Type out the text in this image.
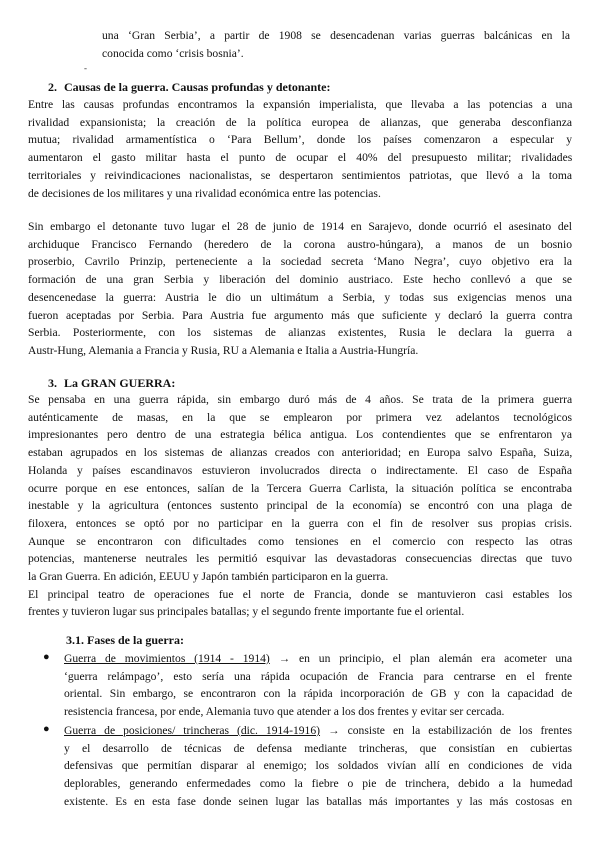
una ‘Gran Serbia’, a partir de 1908 se desencadenan varias guerras balcánicas en la
conocida como ‘crisis bosnia’.
-
2. Causas de la guerra. Causas profundas y detonante:
Entre las causas profundas encontramos la expansión imperialista, que llevaba a las potencias a una
rivalidad expansionista; la creación de la política europea de alianzas, que generaba desconfianza
mutua; rivalidad armamentística o ‘Para Bellum’, donde los países comenzaron a especular y
aumentaron el gasto militar hasta el punto de ocupar el 40% del presupuesto militar; rivalidades
territoriales y reivindicaciones nacionalistas, se despertaron sentimientos patriotas, que llevó a la toma
de decisiones de los militares y una rivalidad económica entre las potencias.
Sin embargo el detonante tuvo lugar el 28 de junio de 1914 en Sarajevo, donde ocurrió el asesinato del
archiduque Francisco Fernando (heredero de la corona austro-húngara), a manos de un bosnio
proserbio, Cavrilo Prinzip, perteneciente a la sociedad secreta ‘Mano Negra’, cuyo objetivo era la
formación de una gran Serbia y liberación del dominio austriaco. Este hecho conllevó a que se
desencenedase la guerra: Austria le dio un ultimátum a Serbia, y todas sus exigencias menos una
fueron aceptadas por Serbia. Para Austria fue argumento más que suficiente y declaró la guerra contra
Serbia. Posteriormente, con los sistemas de alianzas existentes, Rusia le declara la guerra a
Austr-Hung, Alemania a Francia y Rusia, RU a Alemania e Italia a Austria-Hungría.
3. La GRAN GUERRA:
Se pensaba en una guerra rápida, sin embargo duró más de 4 años. Se trata de la primera guerra
auténticamente de masas, en la que se emplearon por primera vez adelantos tecnológicos
impresionantes pero dentro de una estrategia bélica antigua. Los contendientes que se enfrentaron ya
estaban agrupados en los sistemas de alianzas creados con anterioridad; en Europa salvo España, Suiza,
Holanda y países escandinavos estuvieron involucrados directa o indirectamente. El caso de España
ocurre porque en ese entonces, salían de la Tercera Guerra Carlista, la situación política se encontraba
inestable y la agricultura (entonces sustento principal de la economía) se encontró con una plaga de
filoxera, entonces se optó por no participar en la guerra con el fin de resolver sus propias crisis.
Aunque se encontraron con dificultades como tensiones en el comercio con respecto las otras
potencias, mantenerse neutrales les permitió esquivar las devastadoras consecuencias directas que tuvo
la Gran Guerra. En adición, EEUU y Japón también participaron en la guerra.
El principal teatro de operaciones fue el norte de Francia, donde se mantuvieron casi estables los
frentes y tuvieron lugar sus principales batallas; y el segundo frente importante fue el oriental.
3.1. Fases de la guerra:
● Guerra de movimientos (1914 - 1914) → en un principio, el plan alemán era acometer una
‘guerra relámpago’, esto sería una rápida ocupación de Francia para centrarse en el frente
oriental. Sin embargo, se encontraron con la rápida incorporación de GB y con la capacidad de
resistencia francesa, por ende, Alemania tuvo que atender a los dos frentes y evitar ser cercada.
● Guerra de posiciones/ trincheras (dic. 1914-1916) → consiste en la estabilización de los frentes
y el desarrollo de técnicas de defensa mediante trincheras, que consistían en cubiertas
defensivas que permitían disparar al enemigo; los soldados vivían allí en condiciones de vida
deplorables, generando enfermedades como la fiebre o pie de trinchera, debido a la humedad
existente. Es en esta fase donde seinen lugar las batallas más importantes y las más costosas en
